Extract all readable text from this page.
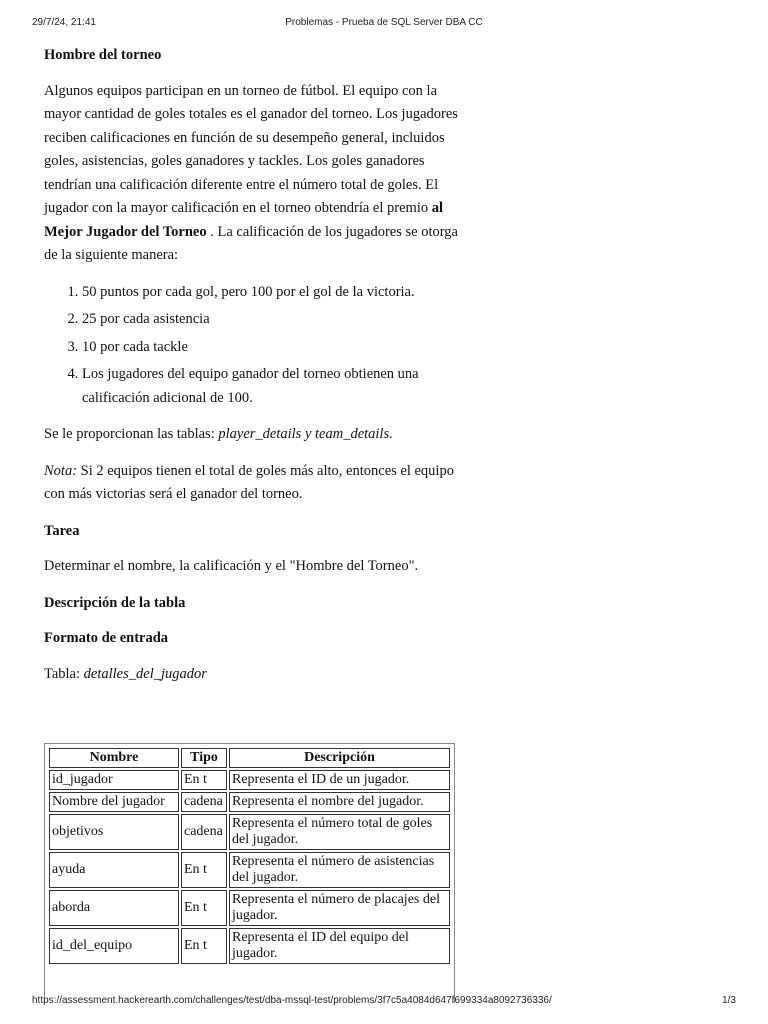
29/7/24, 21:41	Problemas - Prueba de SQL Server DBA CC
Hombre del torneo

Algunos equipos participan en un torneo de fútbol. El equipo con la mayor cantidad de goles totales es el ganador del torneo. Los jugadores reciben calificaciones en función de su desempeño general, incluidos goles, asistencias, goles ganadores y tackles. Los goles ganadores tendrían una calificación diferente entre el número total de goles. El jugador con la mayor calificación en el torneo obtendría el premio al Mejor Jugador del Torneo . La calificación de los jugadores se otorga de la siguiente manera:

1. 50 puntos por cada gol, pero 100 por el gol de la victoria.
2. 25 por cada asistencia
3. 10 por cada tackle
4. Los jugadores del equipo ganador del torneo obtienen una calificación adicional de 100.

Se le proporcionan las tablas: player_details y team_details.

Nota: Si 2 equipos tienen el total de goles más alto, entonces el equipo con más victorias será el ganador del torneo.

Tarea

Determinar el nombre, la calificación y el "Hombre del Torneo".

Descripción de la tabla
Formato de entrada

Tabla: detalles_del_jugador

Nombre	Tipo	Descripción
id_jugador	En t	Representa el ID de un jugador.
Nombre del jugador	cadena	Representa el nombre del jugador.
objetivos	cadena	Representa el número total de goles del jugador.
ayuda	En t	Representa el número de asistencias del jugador.
aborda	En t	Representa el número de placajes del jugador.
id_del_equipo	En t	Representa el ID del equipo del jugador.
https://assessment.hackerearth.com/challenges/test/dba-mssql-test/problems/3f7c5a4084d647f699334a8092736336/	1/3
